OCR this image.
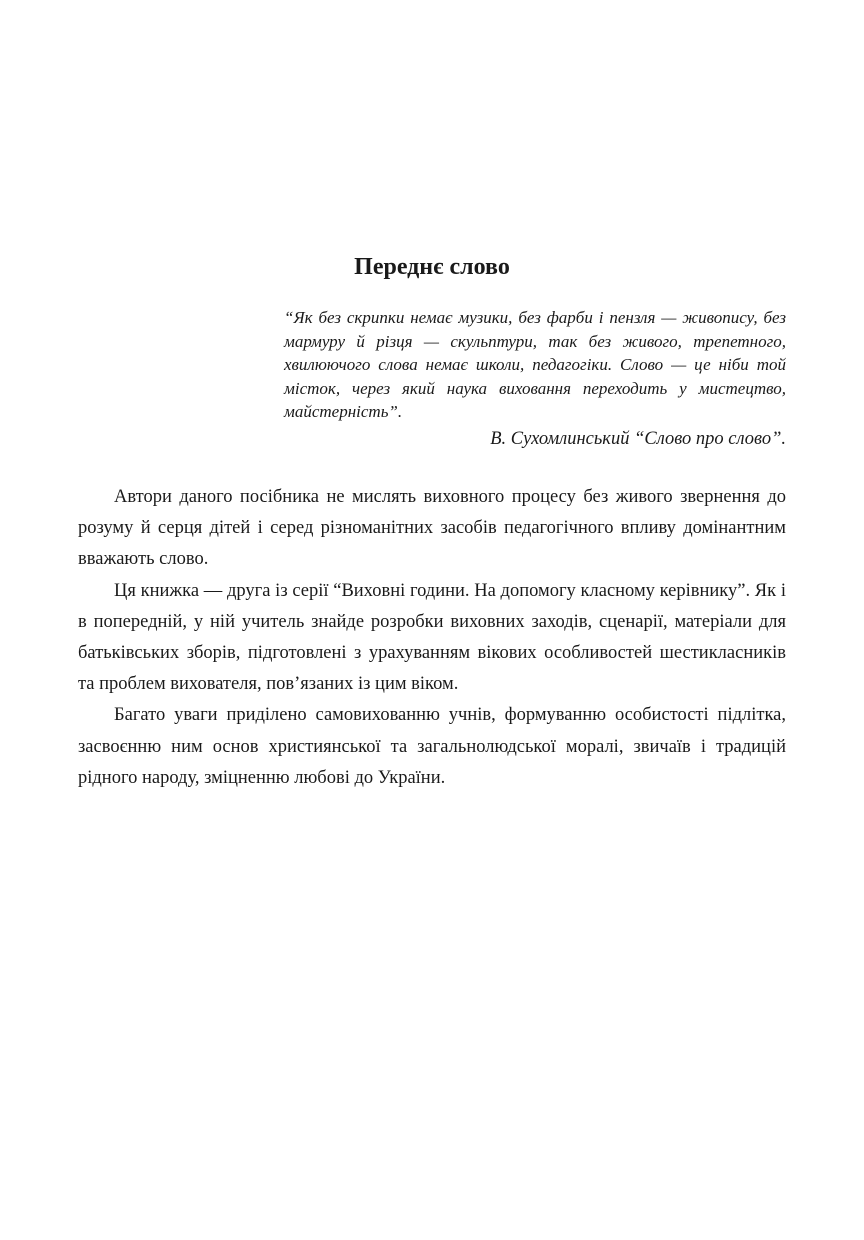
Переднє слово

“Як без скрипки немає музики, без фарби і пензля — живопису, без мармуру й різця — скульптури, так без живого, трепетного, хвилюючого слова немає школи, педагогіки. Слово — це ніби той місток, через який наука виховання переходить у мистецтво, майстерність”.

В. Сухомлинський “Слово про слово”.

Автори даного посібника не мислять виховного процесу без живого звернення до розуму й серця дітей і серед різноманітних засобів педагогічного впливу домінантним вважають слово.

Ця книжка — друга із серії “Виховні години. На допомогу класному керівнику”. Як і в попередній, у ній учитель знайде розробки виховних заходів, сценарії, матеріали для батьківських зборів, підготовлені з урахуванням вікових особливостей шестикласників та проблем вихователя, пов’язаних із цим віком.

Багато уваги приділено самовихованню учнів, формуванню особистості підлітка, засвоєнню ним основ християнської та загальнолюдської моралі, звичаїв і традицій рідного народу, зміцненню любові до України.
